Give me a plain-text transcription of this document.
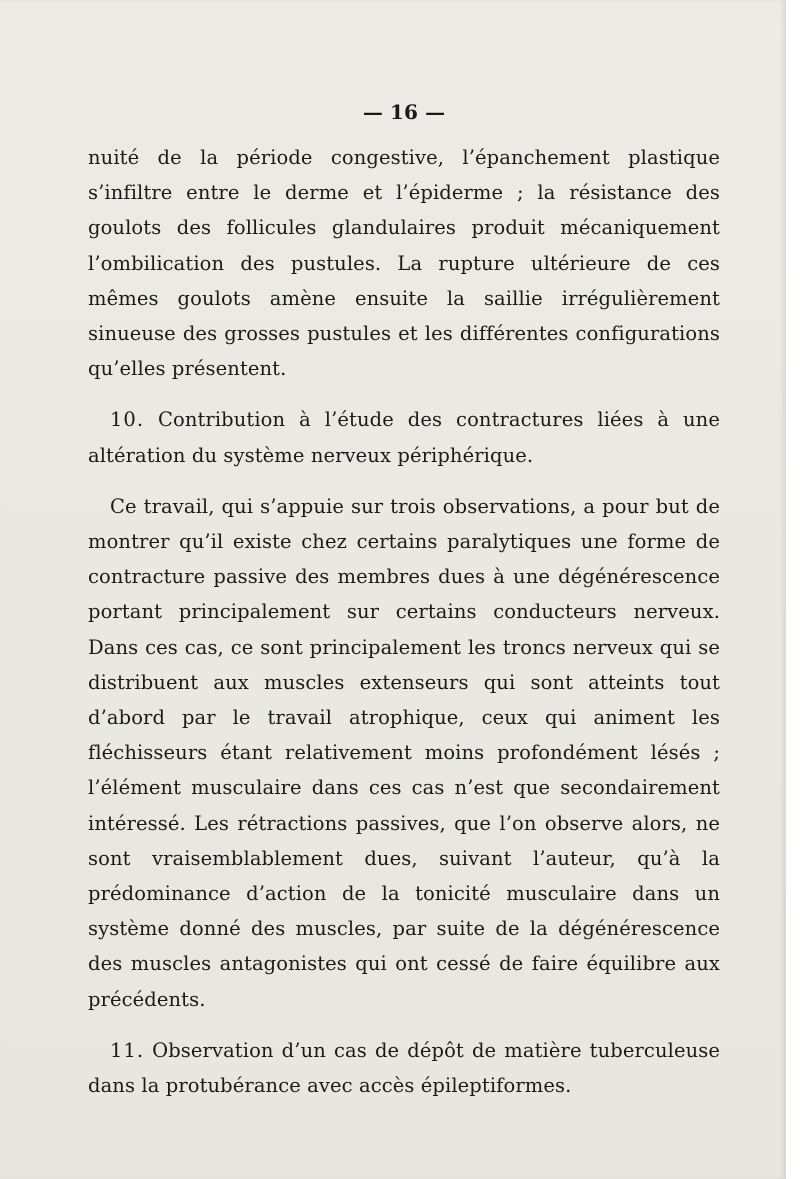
— 16 —

nuité de la période congestive, l’épanchement plastique s’infiltre entre le derme et l’épiderme ; la résistance des goulots des follicules glandulaires produit mécaniquement l’ombilication des pustules. La rupture ultérieure de ces mêmes goulots amène ensuite la saillie irrégulièrement sinueuse des grosses pustules et les différentes configurations qu’elles présentent.

10. Contribution à l’étude des contractures liées à une altération du système nerveux périphérique.

Ce travail, qui s’appuie sur trois observations, a pour but de montrer qu’il existe chez certains paralytiques une forme de contracture passive des membres dues à une dégénérescence portant principalement sur certains conducteurs nerveux. Dans ces cas, ce sont principalement les troncs nerveux qui se distribuent aux muscles extenseurs qui sont atteints tout d’abord par le travail atrophique, ceux qui animent les fléchisseurs étant relativement moins profondément lésés ; l’élément musculaire dans ces cas n’est que secondairement intéressé. Les rétractions passives, que l’on observe alors, ne sont vraisemblablement dues, suivant l’auteur, qu’à la prédominance d’action de la tonicité musculaire dans un système donné des muscles, par suite de la dégénérescence des muscles antagonistes qui ont cessé de faire équilibre aux précédents.

11. Observation d’un cas de dépôt de matière tuberculeuse dans la protubérance avec accès épileptiformes.
